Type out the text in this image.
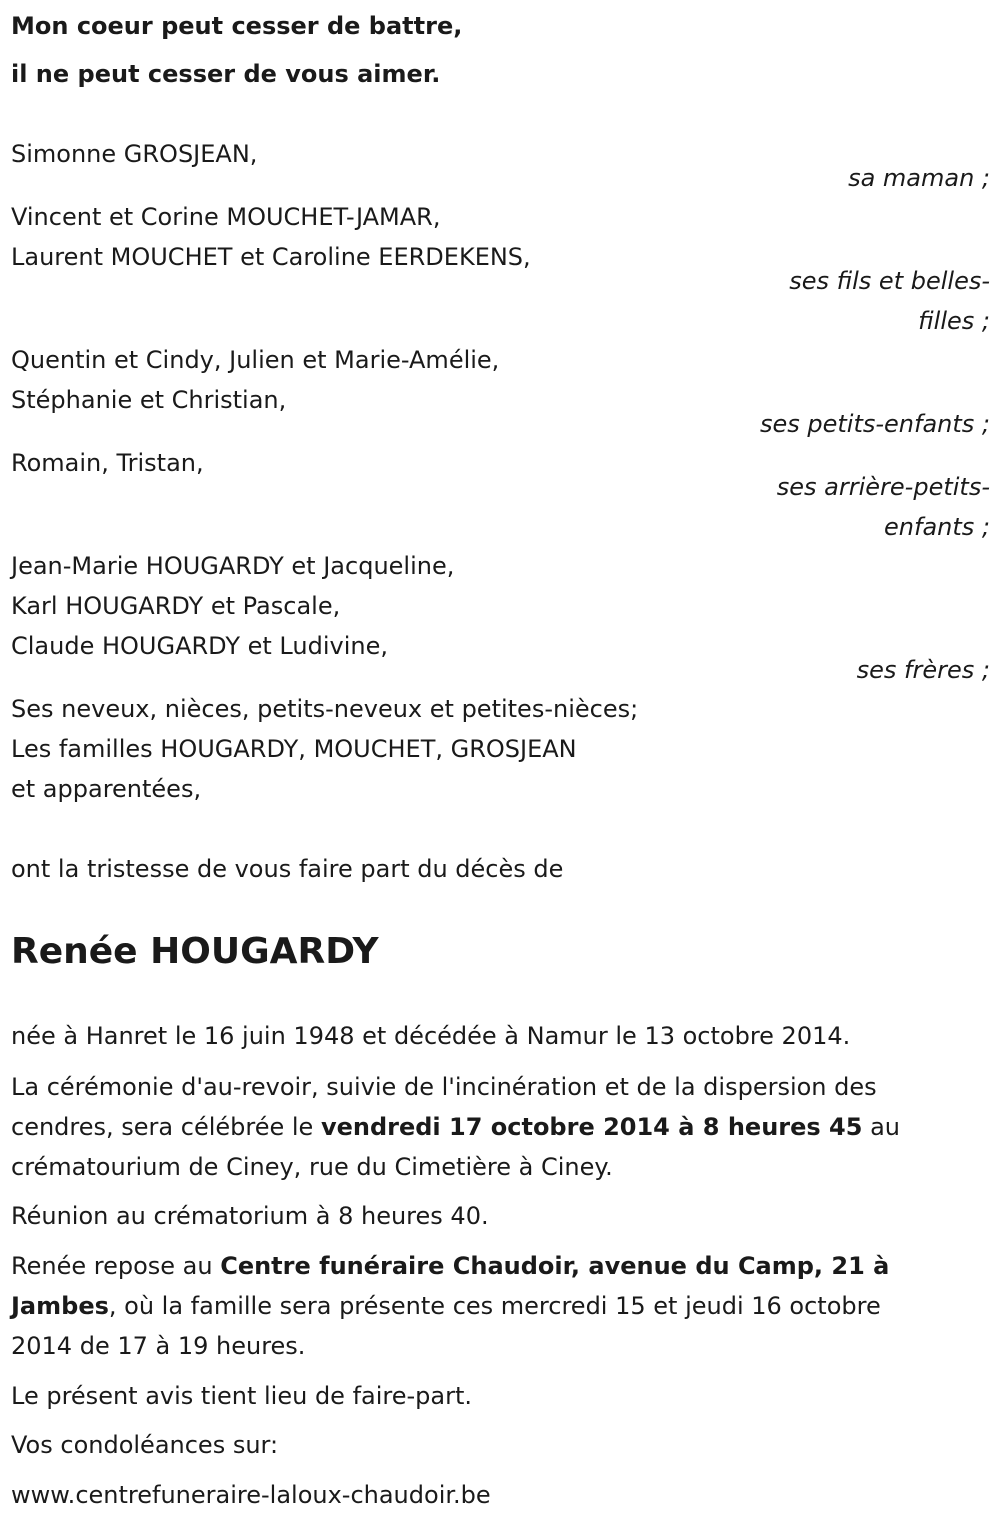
Mon coeur peut cesser de battre,
il ne peut cesser de vous aimer.
Simonne GROSJEAN,
sa maman ;
Vincent et Corine MOUCHET-JAMAR,
Laurent MOUCHET et Caroline EERDEKENS,
ses fils et belles-
filles ;
Quentin et Cindy, Julien et Marie-Amélie,
Stéphanie et Christian,
ses petits-enfants ;
Romain, Tristan,
ses arrière-petits-
enfants ;
Jean-Marie HOUGARDY et Jacqueline,
Karl HOUGARDY et Pascale,
Claude HOUGARDY et Ludivine,
ses frères ;
Ses neveux, nièces, petits-neveux et petites-nièces;
Les familles HOUGARDY, MOUCHET, GROSJEAN
et apparentées,
ont la tristesse de vous faire part du décès de
Renée HOUGARDY
née à Hanret le 16 juin 1948 et décédée à Namur le 13 octobre 2014.
La cérémonie d'au-revoir, suivie de l'incinération et de la dispersion des
cendres, sera célébrée le vendredi 17 octobre 2014 à 8 heures 45 au
crématourium de Ciney, rue du Cimetière à Ciney.
Réunion au crématorium à 8 heures 40.
Renée repose au Centre funéraire Chaudoir, avenue du Camp, 21 à
Jambes, où la famille sera présente ces mercredi 15 et jeudi 16 octobre
2014 de 17 à 19 heures.
Le présent avis tient lieu de faire-part.
Vos condoléances sur:
www.centrefuneraire-laloux-chaudoir.be
